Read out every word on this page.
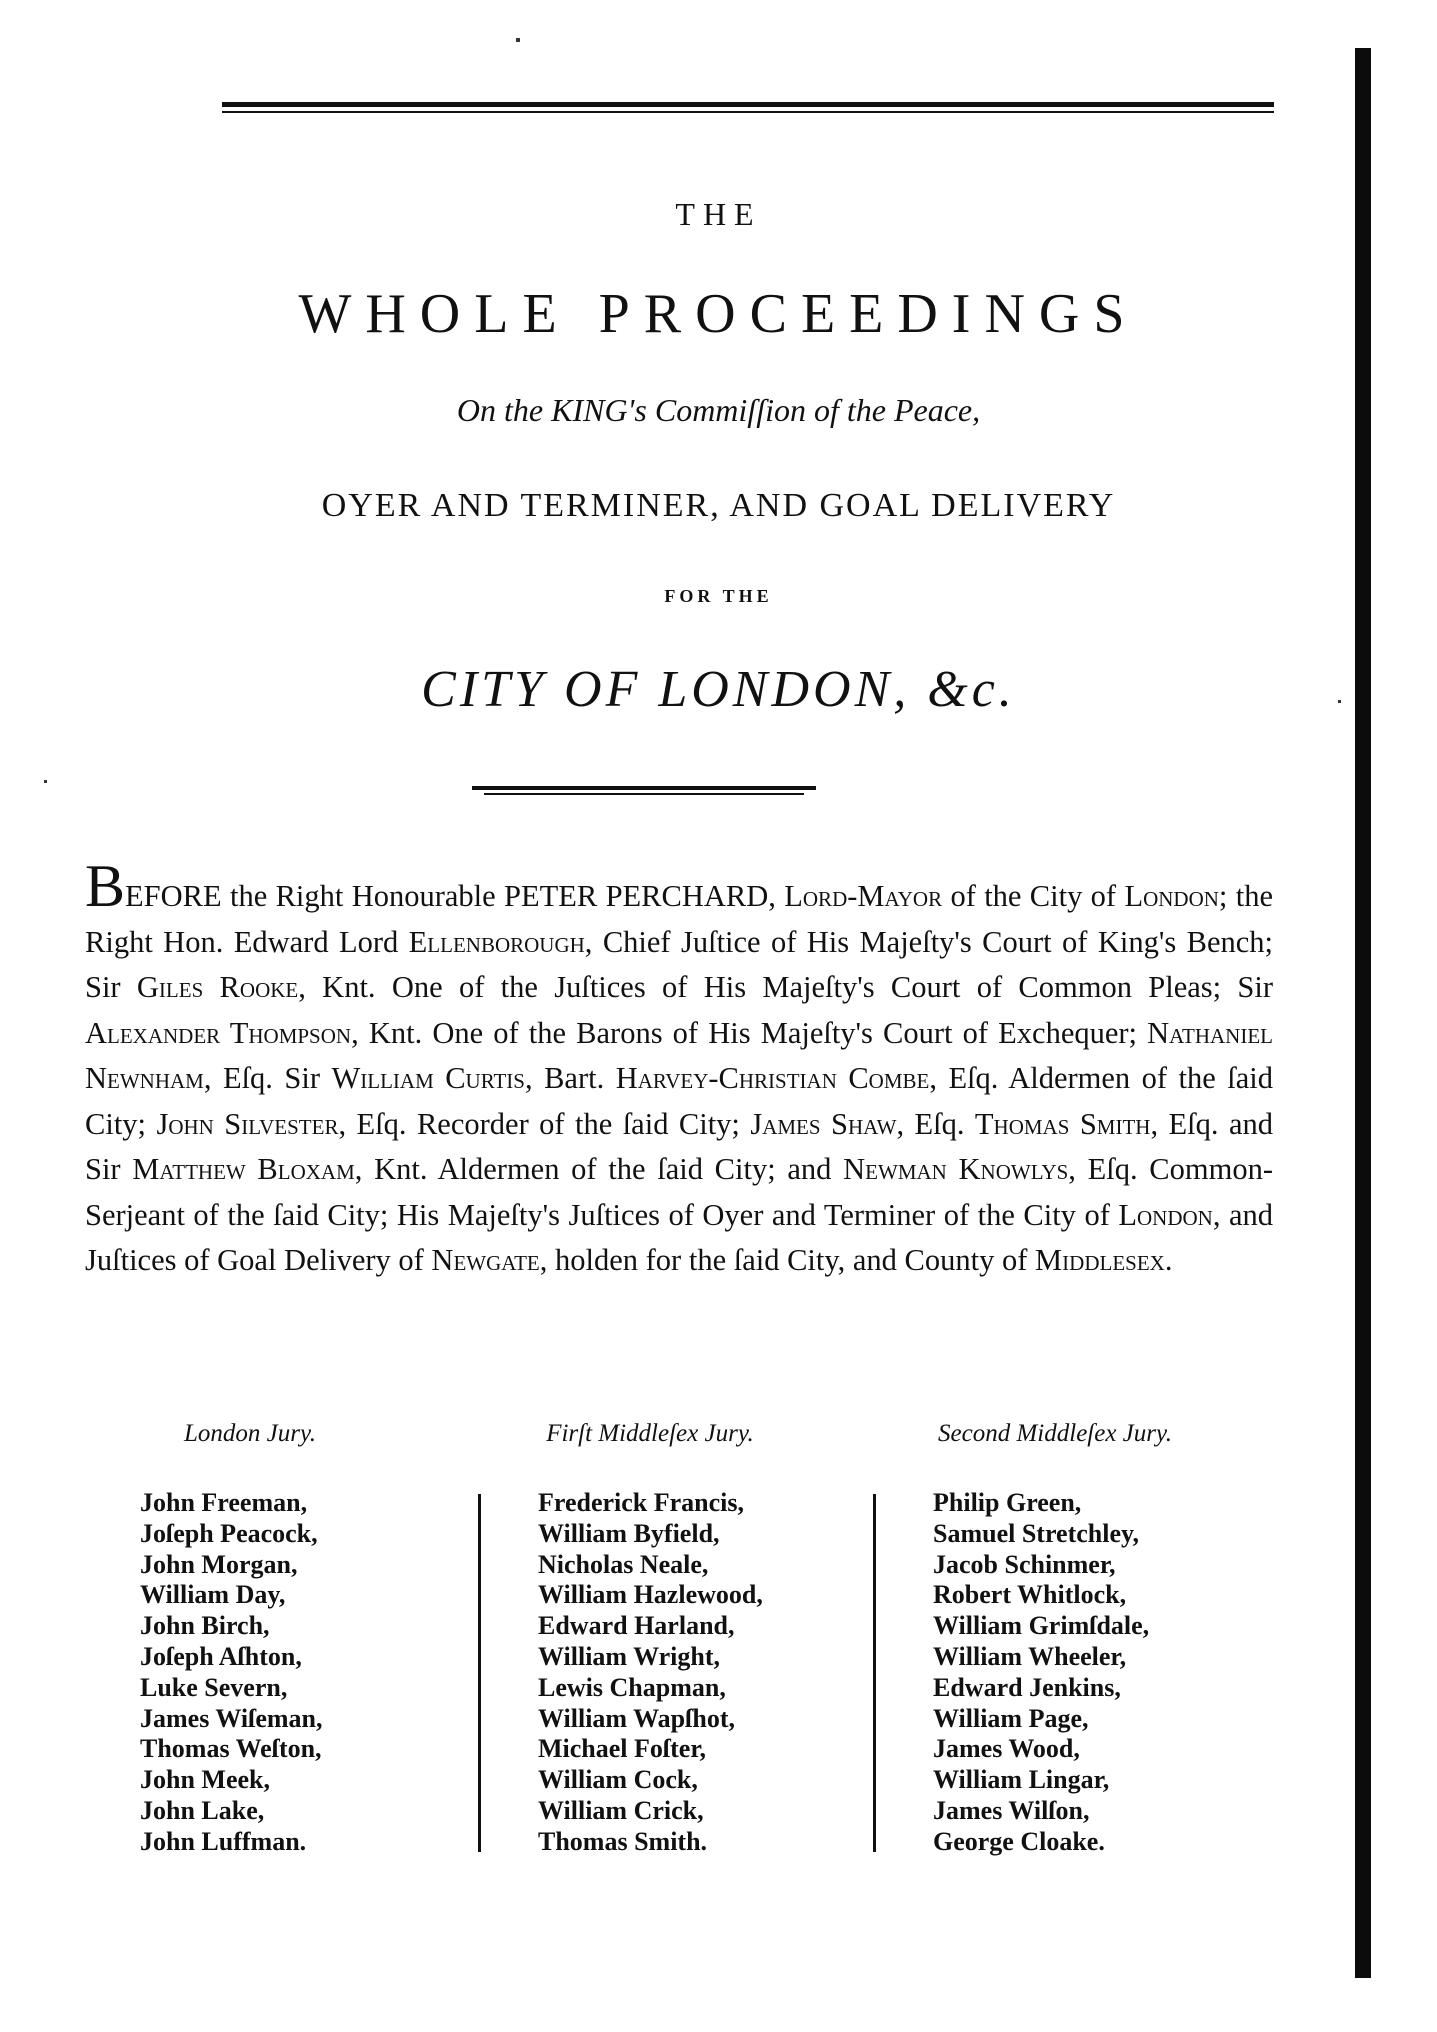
THE
WHOLE PROCEEDINGS
On the KING's Commiſſion of the Peace,
OYER AND TERMINER, AND GOAL DELIVERY
FOR THE
CITY OF LONDON, &c.
BEFORE the Right Honourable PETER PERCHARD, Lord-Mayor of the City of London; the Right Hon. Edward Lord Ellenborough, Chief Juſtice of His Majeſty's Court of King's Bench; Sir Giles Rooke, Knt. One of the Juſtices of His Majeſty's Court of Common Pleas; Sir Alexander Thompson, Knt. One of the Barons of His Majeſty's Court of Exchequer; Nathaniel Newnham, Eſq. Sir William Curtis, Bart. Harvey-Christian Combe, Eſq. Aldermen of the ſaid City; John Silvester, Eſq. Recorder of the ſaid City; James Shaw, Eſq. Thomas Smith, Eſq. and Sir Matthew Bloxam, Knt. Aldermen of the ſaid City; and Newman Knowlys, Eſq. Common-Serjeant of the ſaid City; His Majeſty's Juſtices of Oyer and Terminer of the City of London, and Juſtices of Goal Delivery of Newgate, holden for the ſaid City, and County of Middlesex.
London Jury.	Firſt Middleſex Jury.	Second Middleſex Jury.
John Freeman,
Joſeph Peacock,
John Morgan,
William Day,
John Birch,
Joſeph Aſhton,
Luke Severn,
James Wiſeman,
Thomas Weſton,
John Meek,
John Lake,
John Luffman.
Frederick Francis,
William Byfield,
Nicholas Neale,
William Hazlewood,
Edward Harland,
William Wright,
Lewis Chapman,
William Wapſhot,
Michael Foſter,
William Cock,
William Crick,
Thomas Smith.
Philip Green,
Samuel Stretchley,
Jacob Schinmer,
Robert Whitlock,
William Grimſdale,
William Wheeler,
Edward Jenkins,
William Page,
James Wood,
William Lingar,
James Wilſon,
George Cloake.
